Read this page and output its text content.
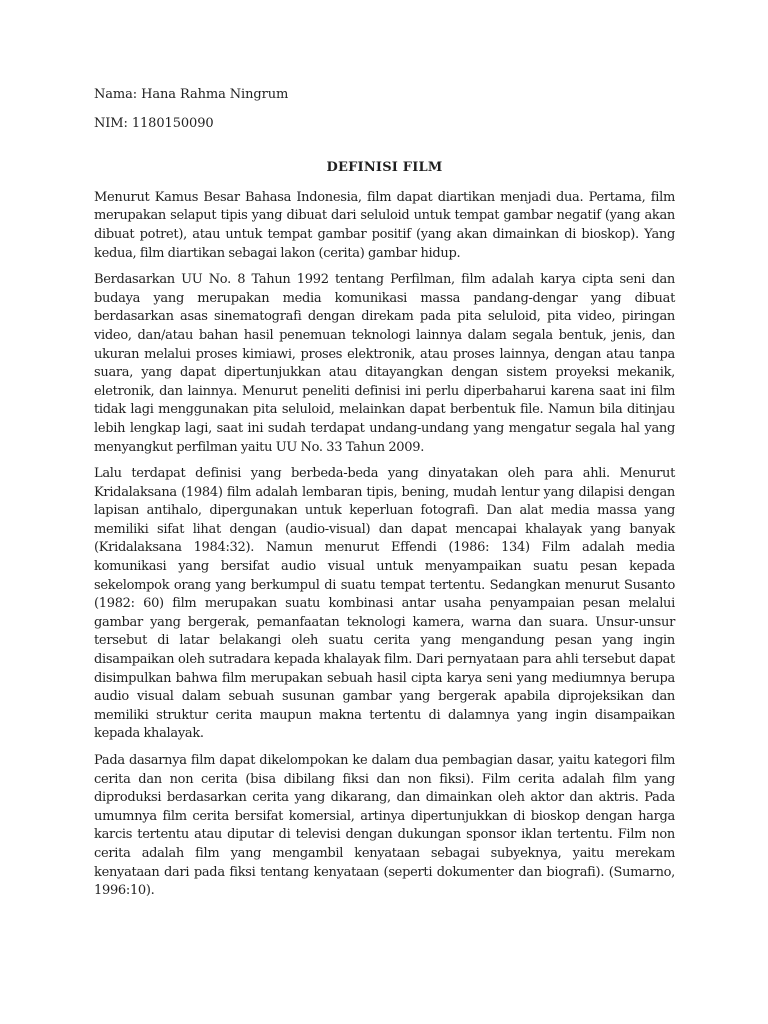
Nama: Hana Rahma Ningrum
NIM: 1180150090
DEFINISI FILM

Menurut Kamus Besar Bahasa Indonesia, film dapat diartikan menjadi dua. Pertama, film merupakan selaput tipis yang dibuat dari seluloid untuk tempat gambar negatif (yang akan dibuat potret), atau untuk tempat gambar positif (yang akan dimainkan di bioskop). Yang kedua, film diartikan sebagai lakon (cerita) gambar hidup.

Berdasarkan UU No. 8 Tahun 1992 tentang Perfilman, film adalah karya cipta seni dan budaya yang merupakan media komunikasi massa pandang-dengar yang dibuat berdasarkan asas sinematografi dengan direkam pada pita seluloid, pita video, piringan video, dan/atau bahan hasil penemuan teknologi lainnya dalam segala bentuk, jenis, dan ukuran melalui proses kimiawi, proses elektronik, atau proses lainnya, dengan atau tanpa suara, yang dapat dipertunjukkan atau ditayangkan dengan sistem proyeksi mekanik, eletronik, dan lainnya. Menurut peneliti definisi ini perlu diperbaharui karena saat ini film tidak lagi menggunakan pita seluloid, melainkan dapat berbentuk file. Namun bila ditinjau lebih lengkap lagi, saat ini sudah terdapat undang-undang yang mengatur segala hal yang menyangkut perfilman yaitu UU No. 33 Tahun 2009.

Lalu terdapat definisi yang berbeda-beda yang dinyatakan oleh para ahli. Menurut Kridalaksana (1984) film adalah lembaran tipis, bening, mudah lentur yang dilapisi dengan lapisan antihalo, dipergunakan untuk keperluan fotografi. Dan alat media massa yang memiliki sifat lihat dengan (audio-visual) dan dapat mencapai khalayak yang banyak (Kridalaksana 1984:32). Namun menurut Effendi (1986: 134) Film adalah media komunikasi yang bersifat audio visual untuk menyampaikan suatu pesan kepada sekelompok orang yang berkumpul di suatu tempat tertentu. Sedangkan menurut Susanto (1982: 60) film merupakan suatu kombinasi antar usaha penyampaian pesan melalui gambar yang bergerak, pemanfaatan teknologi kamera, warna dan suara. Unsur-unsur tersebut di latar belakangi oleh suatu cerita yang mengandung pesan yang ingin disampaikan oleh sutradara kepada khalayak film. Dari pernyataan para ahli tersebut dapat disimpulkan bahwa film merupakan sebuah hasil cipta karya seni yang mediumnya berupa audio visual dalam sebuah susunan gambar yang bergerak apabila diprojeksikan dan memiliki struktur cerita maupun makna tertentu di dalamnya yang ingin disampaikan kepada khalayak.

Pada dasarnya film dapat dikelompokan ke dalam dua pembagian dasar, yaitu kategori film cerita dan non cerita (bisa dibilang fiksi dan non fiksi). Film cerita adalah film yang diproduksi berdasarkan cerita yang dikarang, dan dimainkan oleh aktor dan aktris. Pada umumnya film cerita bersifat komersial, artinya dipertunjukkan di bioskop dengan harga karcis tertentu atau diputar di televisi dengan dukungan sponsor iklan tertentu. Film non cerita adalah film yang mengambil kenyataan sebagai subyeknya, yaitu merekam kenyataan dari pada fiksi tentang kenyataan (seperti dokumenter dan biografi). (Sumarno, 1996:10).
